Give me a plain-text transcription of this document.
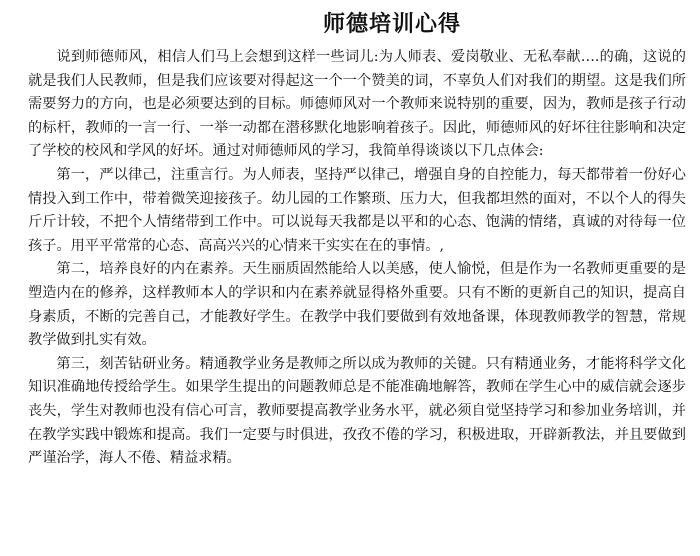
师德培训心得

说到师德师风，相信人们马上会想到这样一些词儿:为人师表、爱岗敬业、无私奉献….的确，这说的就是我们人民教师，但是我们应该要对得起这一个一个赞美的词，不辜负人们对我们的期望。这是我们所需要努力的方向，也是必须要达到的目标。师德师风对一个教师来说特别的重要，因为，教师是孩子行动的标杆，教师的一言一行、一举一动都在潜移默化地影响着孩子。因此，师德师风的好坏往往影响和决定了学校的校风和学风的好坏。通过对师德师风的学习，我简单得谈谈以下几点体会:

第一，严以律己，注重言行。为人师表，坚持严以律己，增强自身的自控能力，每天都带着一份好心情投入到工作中，带着微笑迎接孩子。幼儿园的工作繁琐、压力大，但我都坦然的面对，不以个人的得失斤斤计较，不把个人情绪带到工作中。可以说每天我都是以平和的心态、饱满的情绪，真诚的对待每一位孩子。用平平常常的心态、高高兴兴的心情来干实实在在的事情。,

第二，培养良好的内在素养。天生丽质固然能给人以美感，使人愉悦，但是作为一名教师更重要的是塑造内在的修养，这样教师本人的学识和内在素养就显得格外重要。只有不断的更新自己的知识，提高自身素质，不断的完善自己，才能教好学生。在教学中我们要做到有效地备课，体现教师教学的智慧，常规教学做到扎实有效。

第三，刻苦钻研业务。精通教学业务是教师之所以成为教师的关键。只有精通业务，才能将科学文化知识准确地传授给学生。如果学生提出的问题教师总是不能准确地解答，教师在学生心中的威信就会逐步丧失，学生对教师也没有信心可言，教师要提高教学业务水平，就必须自觉坚持学习和参加业务培训，并在教学实践中锻炼和提高。我们一定要与时俱进，孜孜不倦的学习，积极进取，开辟新教法，并且要做到严谨治学，海人不倦、精益求精。
